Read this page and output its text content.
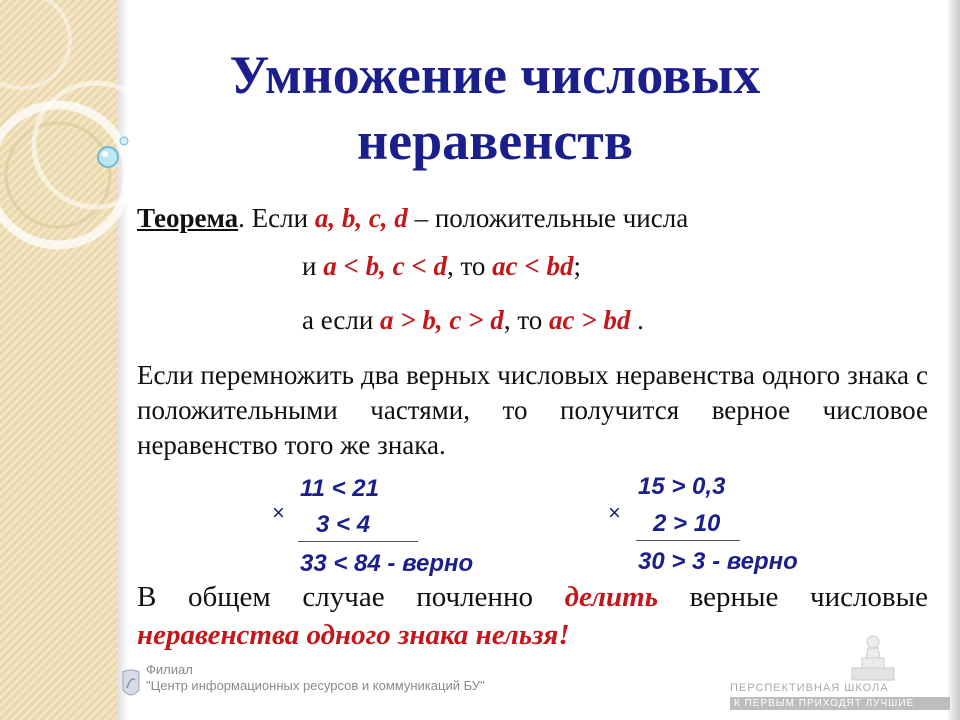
Умножение числовых
неравенств
Теорема. Если a, b, c, d – положительные числа
и a < b, c < d, то ac < bd;
а если a > b, c > d, то ac > bd .
Если перемножить два верных числовых неравенства одного знака с положительными частями, то получится верное числовое неравенство того же знака.
11 < 21
× 3 < 4
33 < 84 - верно
15 > 0,3
× 2 > 10
30 > 3 - верно
В общем случае почленно делить верные числовые неравенства одного знака нельзя!
Филиал
"Центр информационных ресурсов и коммуникаций БУ"	ПЕРСПЕКТИВНАЯ ШКОЛА
К ПЕРВЫМ ПРИХОДЯТ ЛУЧШИЕ
